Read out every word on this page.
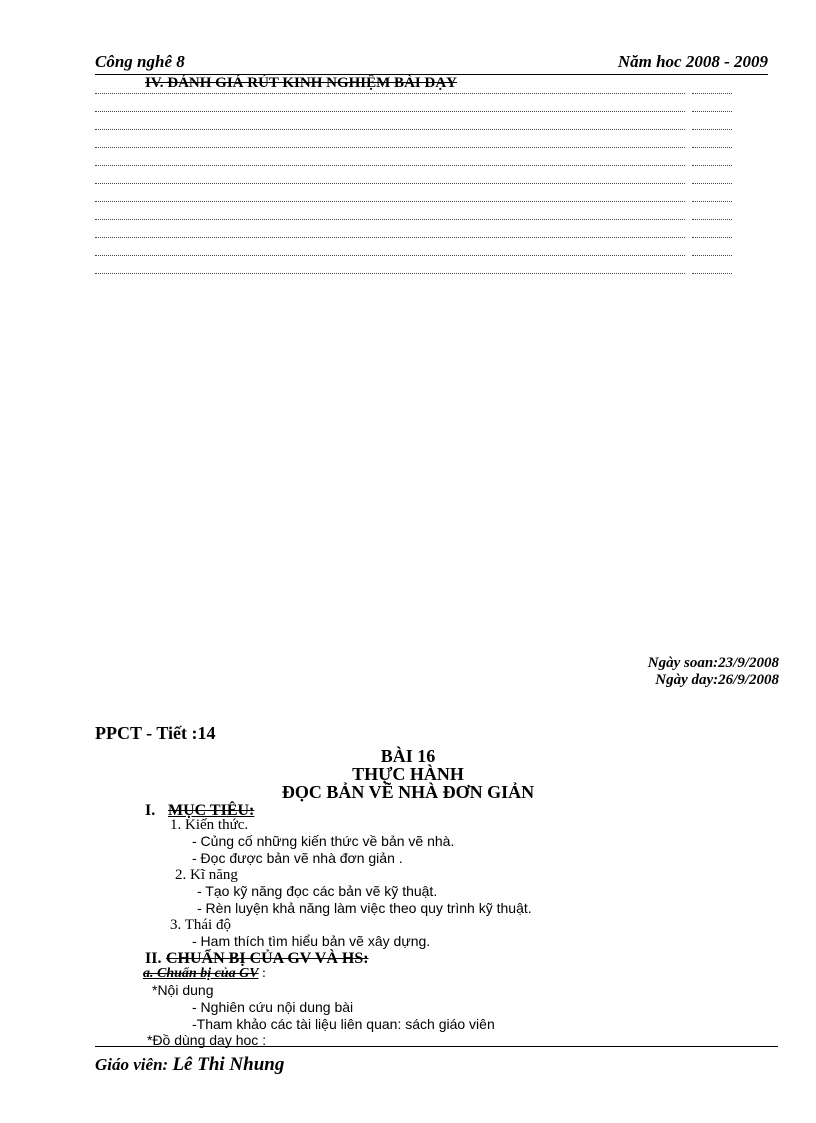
Công nghê 8	Năm hoc 2008 - 2009
IV. ĐÁNH GIÁ RÚT KINH NGHIỆM BÀI DẠY
Ngày soan:23/9/2008
Ngày day:26/9/2008
PPCT - Tiết :14
BÀI 16
THỰC HÀNH
ĐỌC BẢN VẼ NHÀ ĐƠN GIẢN
I. MỤC TIÊU:
1. Kiến thức.
- Củng cố những kiến thức về bản vẽ nhà.
- Đọc được bản vẽ nhà đơn giản .
2. Kĩ năng
- Tạo kỹ năng đọc các bản vẽ kỹ thuật.
- Rèn luyện khả năng làm việc theo quy trình kỹ thuật.
3. Thái độ
- Ham thích tìm hiểu bản vẽ xây dựng.
II. CHUẨN BỊ CỦA GV VÀ HS:
a. Chuẩn bị của GV :
*Nội dung
- Nghiên cứu nội dung bài
-Tham khảo các tài liệu liên quan: sách giáo viên
*Đồ dùng dạy học :
Giáo viên: Lê Thi Nhung
